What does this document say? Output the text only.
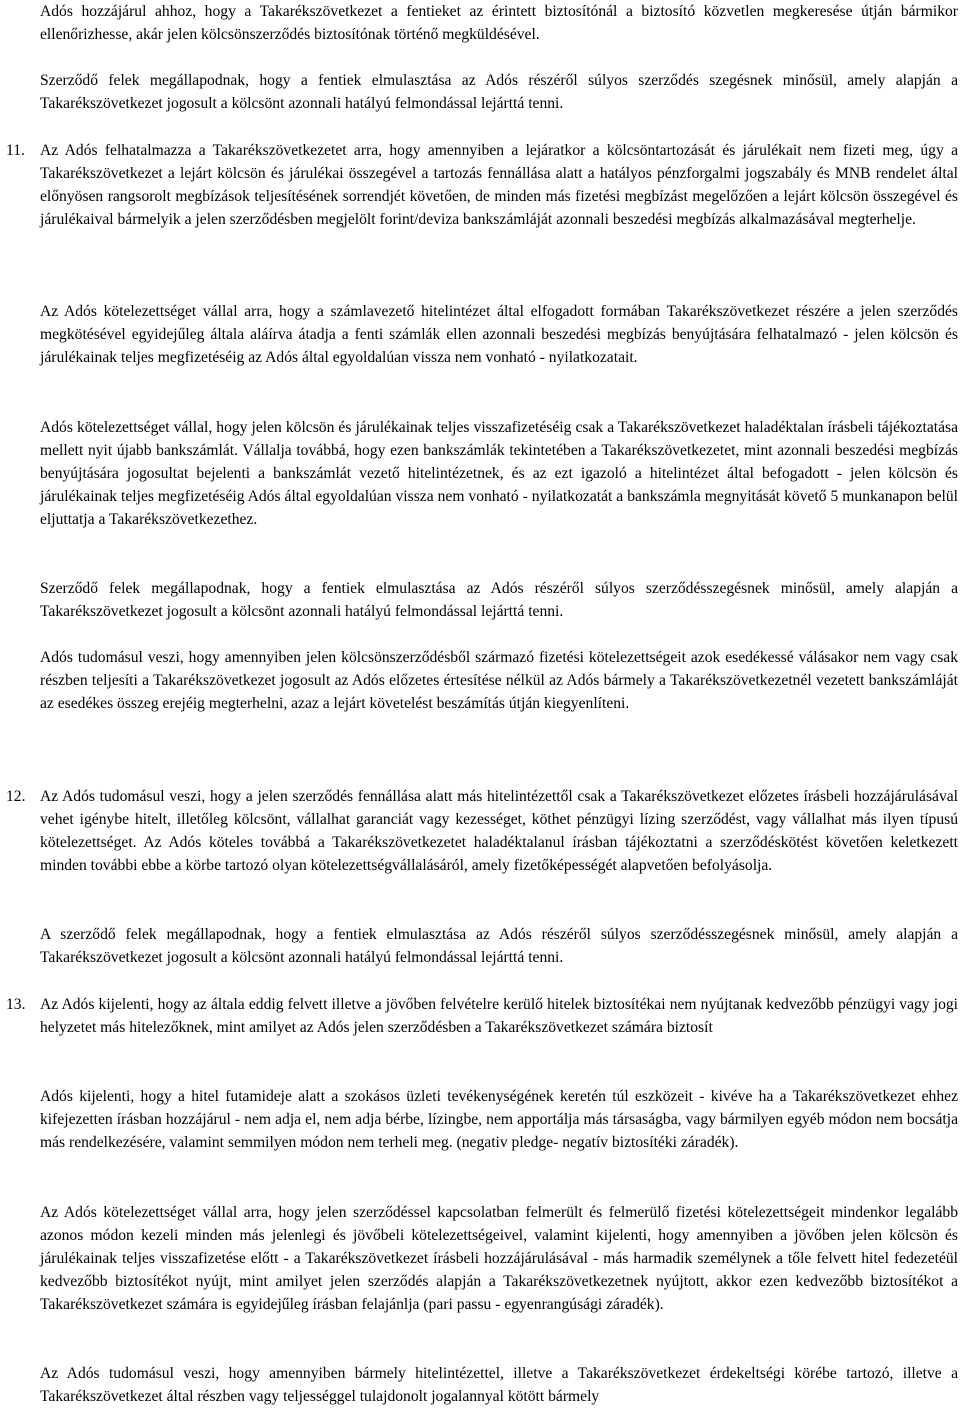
Adós hozzájárul ahhoz, hogy a Takarékszövetkezet a fentieket az érintett biztosítónál a biztosító közvetlen megkeresése útján bármikor ellenőrizhesse, akár jelen kölcsönszerződés biztosítónak történő megküldésével.

Szerződő felek megállapodnak, hogy a fentiek elmulasztása az Adós részéről súlyos szerződés szegésnek minősül, amely alapján a Takarékszövetkezet jogosult a kölcsönt azonnali hatályú felmondással lejárttá tenni.

11. Az Adós felhatalmazza a Takarékszövetkezetet arra, hogy amennyiben a lejáratkor a kölcsöntartozását és járulékait nem fizeti meg, úgy a Takarékszövetkezet a lejárt kölcsön és járulékai összegével a tartozás fennállása alatt a hatályos pénzforgalmi jogszabály és MNB rendelet által előnyösen rangsorolt megbízások teljesítésének sorrendjét követően, de minden más fizetési megbízást megelőzően a lejárt kölcsön összegével és járulékaival bármelyik a jelen szerződésben megjelölt forint/deviza bankszámláját azonnali beszedési megbízás alkalmazásával megterhelje.

Az Adós kötelezettséget vállal arra, hogy a számlavezető hitelintézet által elfogadott formában Takarékszövetkezet részére a jelen szerződés megkötésével egyidejűleg általa aláírva átadja a fenti számlák ellen azonnali beszedési megbízás benyújtására felhatalmazó - jelen kölcsön és járulékainak teljes megfizetéséig az Adós által egyoldalúan vissza nem vonható - nyilatkozatait.

Adós kötelezettséget vállal, hogy jelen kölcsön és járulékainak teljes visszafizetéséig csak a Takarékszövetkezet haladéktalan írásbeli tájékoztatása mellett nyit újabb bankszámlát. Vállalja továbbá, hogy ezen bankszámlák tekintetében a Takarékszövetkezetet, mint azonnali beszedési megbízás benyújtására jogosultat bejelenti a bankszámlát vezető hitelintézetnek, és az ezt igazoló a hitelintézet által befogadott - jelen kölcsön és járulékainak teljes megfizetéséig Adós által egyoldalúan vissza nem vonható - nyilatkozatát a bankszámla megnyitását követő 5 munkanapon belül eljuttatja a Takarékszövetkezethez.

Szerződő felek megállapodnak, hogy a fentiek elmulasztása az Adós részéről súlyos szerződésszegésnek minősül, amely alapján a Takarékszövetkezet jogosult a kölcsönt azonnali hatályú felmondással lejárttá tenni.

Adós tudomásul veszi, hogy amennyiben jelen kölcsönszerződésből származó fizetési kötelezettségeit azok esedékessé válásakor nem vagy csak részben teljesíti a Takarékszövetkezet jogosult az Adós előzetes értesítése nélkül az Adós bármely a Takarékszövetkezetnél vezetett bankszámláját az esedékes összeg erejéig megterhelni, azaz a lejárt követelést beszámítás útján kiegyenlíteni.

12. Az Adós tudomásul veszi, hogy a jelen szerződés fennállása alatt más hitelintézettől csak a Takarékszövetkezet előzetes írásbeli hozzájárulásával vehet igénybe hitelt, illetőleg kölcsönt, vállalhat garanciát vagy kezességet, köthet pénzügyi lízing szerződést, vagy vállalhat más ilyen típusú kötelezettséget. Az Adós köteles továbbá a Takarékszövetkezetet haladéktalanul írásban tájékoztatni a szerződéskötést követően keletkezett minden további ebbe a körbe tartozó olyan kötelezettségvállalásáról, amely fizetőképességét alapvetően befolyásolja.

A szerződő felek megállapodnak, hogy a fentiek elmulasztása az Adós részéről súlyos szerződésszegésnek minősül, amely alapján a Takarékszövetkezet jogosult a kölcsönt azonnali hatályú felmondással lejárttá tenni.

13. Az Adós kijelenti, hogy az általa eddig felvett illetve a jövőben felvételre kerülő hitelek biztosítékai nem nyújtanak kedvezőbb pénzügyi vagy jogi helyzetet más hitelezőknek, mint amilyet az Adós jelen szerződésben a Takarékszövetkezet számára biztosít

Adós kijelenti, hogy a hitel futamideje alatt a szokásos üzleti tevékenységének keretén túl eszközeit - kivéve ha a Takarékszövetkezet ehhez kifejezetten írásban hozzájárul - nem adja el, nem adja bérbe, lízingbe, nem apportálja más társaságba, vagy bármilyen egyéb módon nem bocsátja más rendelkezésére, valamint semmilyen módon nem terheli meg. (negativ pledge- negatív biztosítéki záradék).

Az Adós kötelezettséget vállal arra, hogy jelen szerződéssel kapcsolatban felmerült és felmerülő fizetési kötelezettségeit mindenkor legalább azonos módon kezeli minden más jelenlegi és jövőbeli kötelezettségeivel, valamint kijelenti, hogy amennyiben a jövőben jelen kölcsön és járulékainak teljes visszafizetése előtt - a Takarékszövetkezet írásbeli hozzájárulásával - más harmadik személynek a tőle felvett hitel fedezetéül kedvezőbb biztosítékot nyújt, mint amilyet jelen szerződés alapján a Takarékszövetkezetnek nyújtott, akkor ezen kedvezőbb biztosítékot a Takarékszövetkezet számára is egyidejűleg írásban felajánlja (pari passu - egyenrangúsági záradék).

Az Adós tudomásul veszi, hogy amennyiben bármely hitelintézettel, illetve a Takarékszövetkezet érdekeltségi körébe tartozó, illetve a Takarékszövetkezet által részben vagy teljességgel tulajdonolt jogalannyal kötött bármely
